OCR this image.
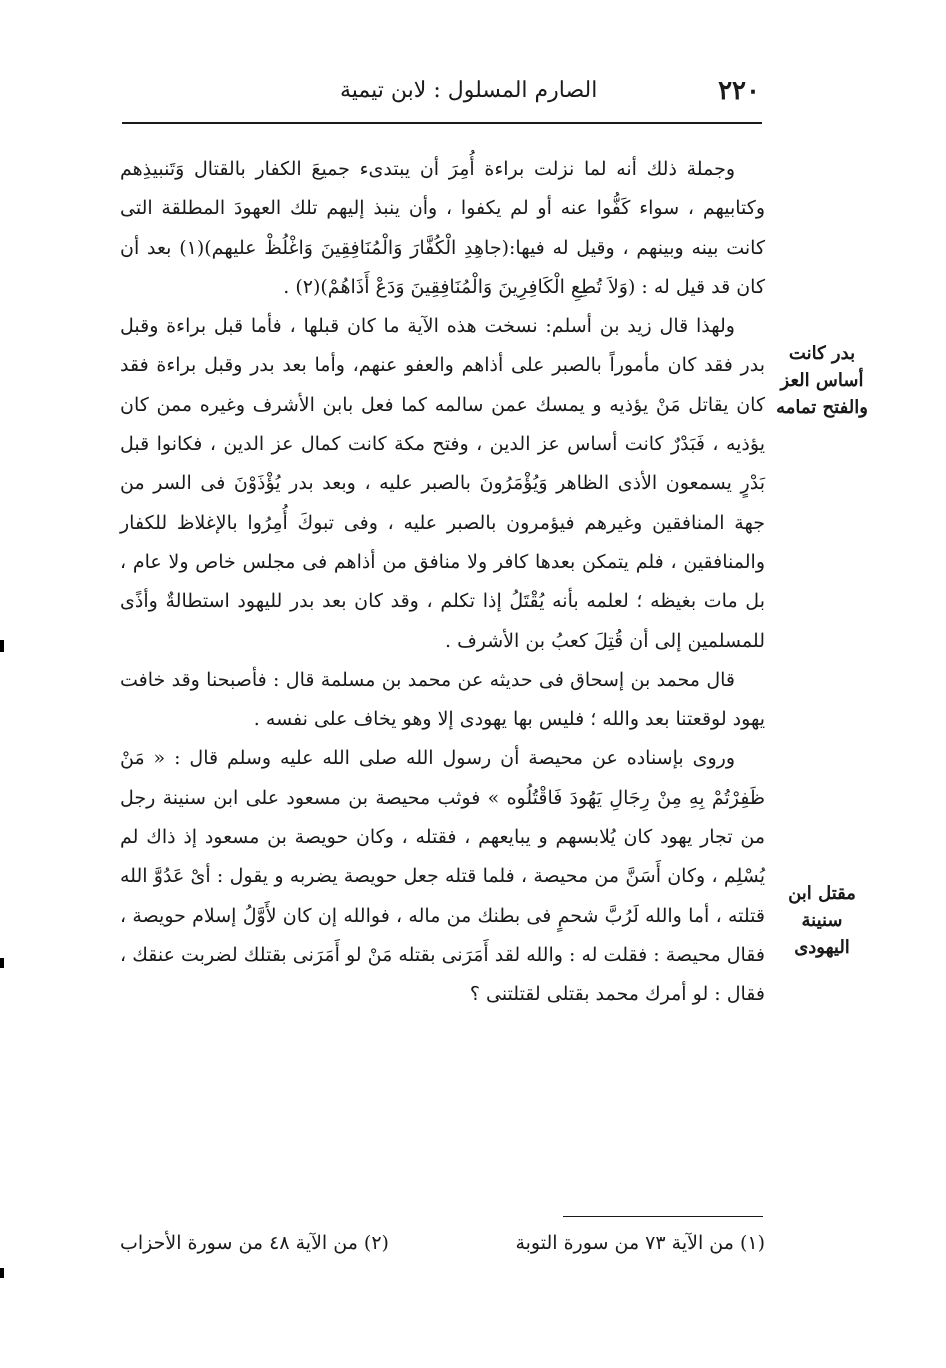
٢٢٠
الصارم المسلول : لابن تيمية

وجملة ذلك أنه لما نزلت براءة أُمِرَ أن يبتدىء جميعَ الكفار بالقتال وَتَنبيذِهم وكتابيهم ، سواء كَفُّوا عنه أو لم يكفوا ، وأن ينبذ إليهم تلك العهودَ المطلقة التى كانت بينه وبينهم ، وقيل له فيها:(جاهِدِ الْكُفَّارَ وَالْمُنَافِقِينَ وَاغْلُظْ عليهم)(١) بعد أن كان قد قيل له : (وَلاَ تُطِعِ الْكَافِرِينَ وَالْمُنَافِقِينَ وَدَعْ أَذَاهُمْ)(٢) .

ولهذا قال زيد بن أسلم: نسخت هذه الآية ما كان قبلها ، فأما قبل براءة وقبل بدر فقد كان مأموراً بالصبر على أذاهم والعفو عنهم، وأما بعد بدر وقبل براءة فقد كان يقاتل مَنْ يؤذيه و يمسك عمن سالمه كما فعل بابن الأشرف وغيره ممن كان يؤذيه ، فَبَدْرٌ كانت أساس عز الدين ، وفتح مكة كانت كمال عز الدين ، فكانوا قبل بَدْرٍ يسمعون الأذى الظاهر وَيُؤْمَرُونَ بالصبر عليه ، وبعد بدر يُؤْذَوْنَ فى السر من جهة المنافقين وغيرهم فيؤمرون بالصبر عليه ، وفى تبوكَ أُمِرُوا بالإغلاظ للكفار والمنافقين ، فلم يتمكن بعدها كافر ولا منافق من أذاهم فى مجلس خاص ولا عام ، بل مات بغيظه ؛ لعلمه بأنه يُقْتَلُ إذا تكلم ، وقد كان بعد بدر لليهود استطالةٌ وأذًى للمسلمين إلى أن قُتِلَ كعبُ بن الأشرف .

قال محمد بن إسحاق فى حديثه عن محمد بن مسلمة قال : فأصبحنا وقد خافت يهود لوقعتنا بعد والله ؛ فليس بها يهودى إلا وهو يخاف على نفسه .

وروى بإسناده عن محيصة أن رسول الله صلى الله عليه وسلم قال : « مَنْ ظَفِرْتُمْ بِهِ مِنْ رِجَالِ يَهُودَ فَاقْتُلُوه » فوثب محيصة بن مسعود على ابن سنينة رجل من تجار يهود كان يُلابسهم و يبايعهم ، فقتله ، وكان حويصة بن مسعود إذ ذاك لم يُسْلِم ، وكان أَسَنَّ من محيصة ، فلما قتله جعل حويصة يضربه و يقول : أىْ عَدُوَّ الله قتلته ، أما والله لَرُبَّ شحمٍ فى بطنك من ماله ، فوالله إن كان لأَوَّلُ إسلام حويصة ، فقال محيصة : فقلت له : والله لقد أَمَرَنى بقتله مَنْ لو أَمَرَنى بقتلك لضربت عنقك ، فقال : لو أمرك محمد بقتلى لقتلتنى ؟

بدر كانت أساس العز والفتح تمامه
مقتل ابن سنينة اليهودى
(١) من الآية ٧٣ من سورة التوبة
(٢) من الآية ٤٨ من سورة الأحزاب
